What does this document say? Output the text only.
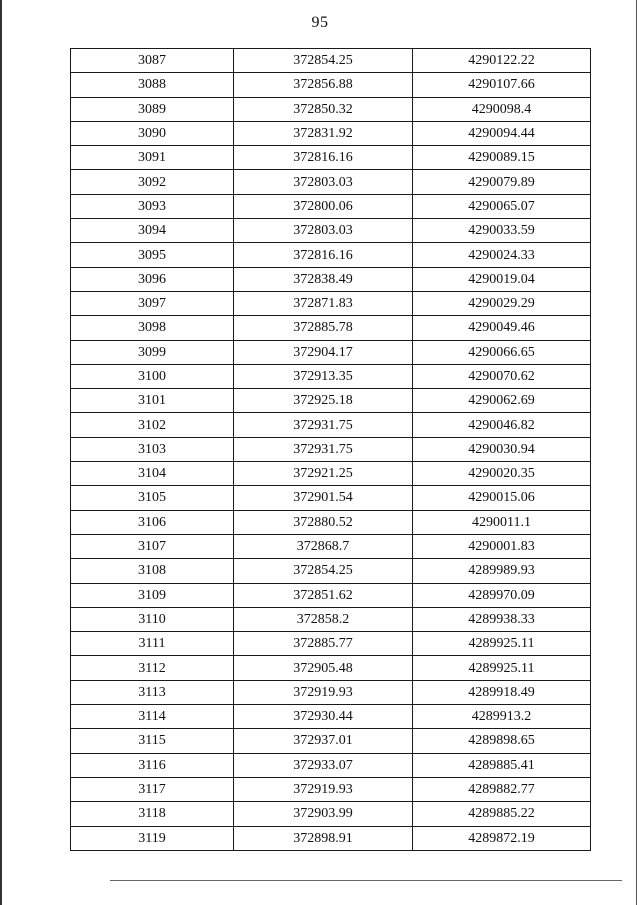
95
3087	372854.25	4290122.22
3088	372856.88	4290107.66
3089	372850.32	4290098.4
3090	372831.92	4290094.44
3091	372816.16	4290089.15
3092	372803.03	4290079.89
3093	372800.06	4290065.07
3094	372803.03	4290033.59
3095	372816.16	4290024.33
3096	372838.49	4290019.04
3097	372871.83	4290029.29
3098	372885.78	4290049.46
3099	372904.17	4290066.65
3100	372913.35	4290070.62
3101	372925.18	4290062.69
3102	372931.75	4290046.82
3103	372931.75	4290030.94
3104	372921.25	4290020.35
3105	372901.54	4290015.06
3106	372880.52	4290011.1
3107	372868.7	4290001.83
3108	372854.25	4289989.93
3109	372851.62	4289970.09
3110	372858.2	4289938.33
3111	372885.77	4289925.11
3112	372905.48	4289925.11
3113	372919.93	4289918.49
3114	372930.44	4289913.2
3115	372937.01	4289898.65
3116	372933.07	4289885.41
3117	372919.93	4289882.77
3118	372903.99	4289885.22
3119	372898.91	4289872.19
